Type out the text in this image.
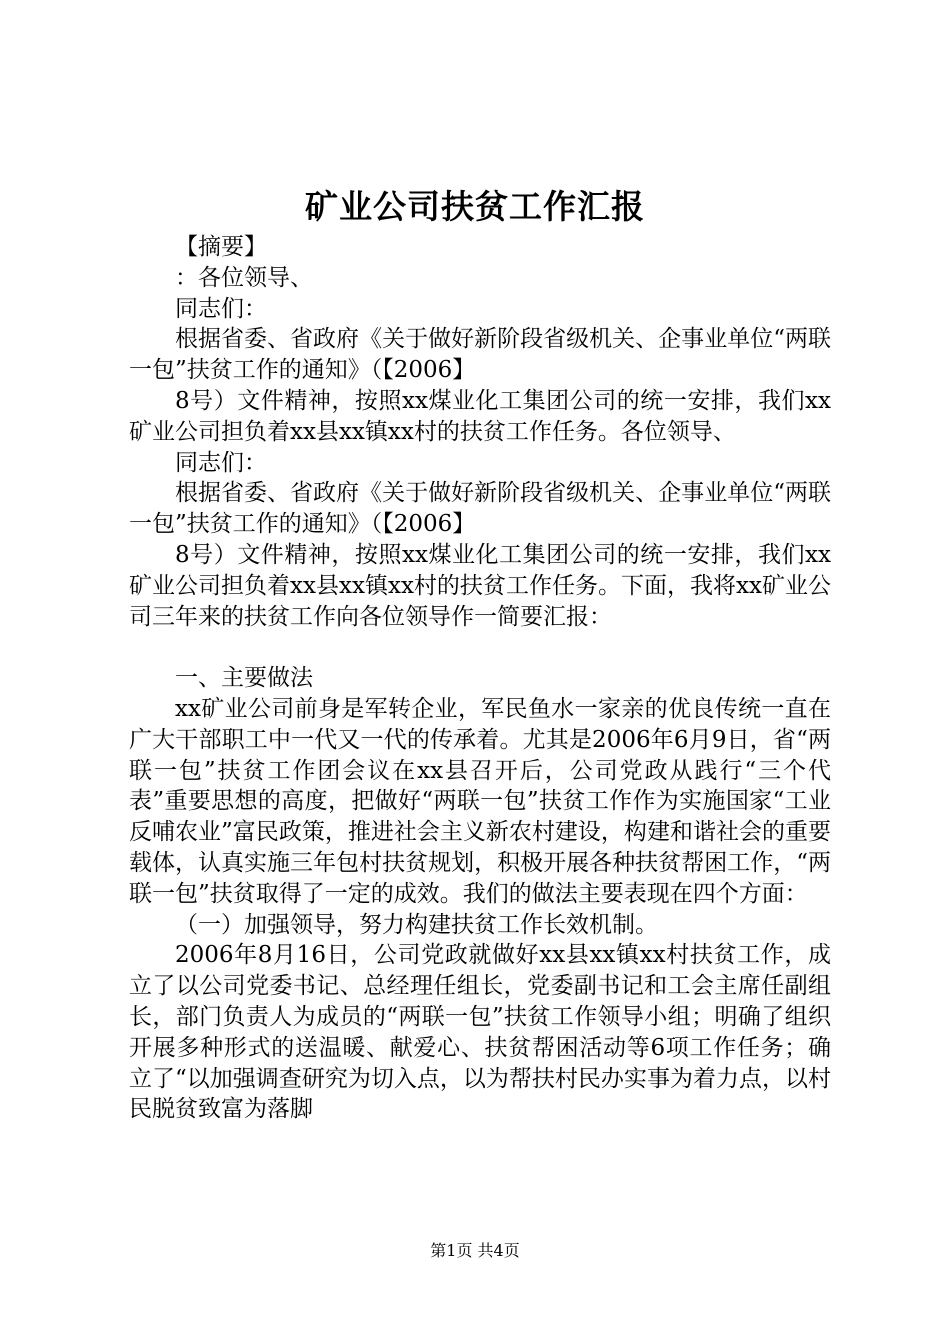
矿业公司扶贫工作汇报

【摘要】

：各位领导、

同志们：

根据省委、省政府《关于做好新阶段省级机关、企事业单位“两联一包”扶贫工作的通知》（【2006】

8号）文件精神，按照xx煤业化工集团公司的统一安排，我们xx矿业公司担负着xx县xx镇xx村的扶贫工作任务。各位领导、

同志们：

根据省委、省政府《关于做好新阶段省级机关、企事业单位“两联一包”扶贫工作的通知》（【2006】

8号）文件精神，按照xx煤业化工集团公司的统一安排，我们xx矿业公司担负着xx县xx镇xx村的扶贫工作任务。下面，我将xx矿业公司三年来的扶贫工作向各位领导作一简要汇报：

一、主要做法

xx矿业公司前身是军转企业，军民鱼水一家亲的优良传统一直在广大干部职工中一代又一代的传承着。尤其是2006年6月9日，省“两联一包”扶贫工作团会议在xx县召开后，公司党政从践行“三个代表”重要思想的高度，把做好“两联一包”扶贫工作作为实施国家“工业反哺农业”富民政策，推进社会主义新农村建设，构建和谐社会的重要载体，认真实施三年包村扶贫规划，积极开展各种扶贫帮困工作，“两联一包”扶贫取得了一定的成效。我们的做法主要表现在四个方面：

（一）加强领导，努力构建扶贫工作长效机制。

2006年8月16日，公司党政就做好xx县xx镇xx村扶贫工作，成立了以公司党委书记、总经理任组长，党委副书记和工会主席任副组长，部门负责人为成员的“两联一包”扶贫工作领导小组；明确了组织开展多种形式的送温暖、献爱心、扶贫帮困活动等6项工作任务；确立了“以加强调查研究为切入点，以为帮扶村民办实事为着力点，以村民脱贫致富为落脚

第1页 共4页
